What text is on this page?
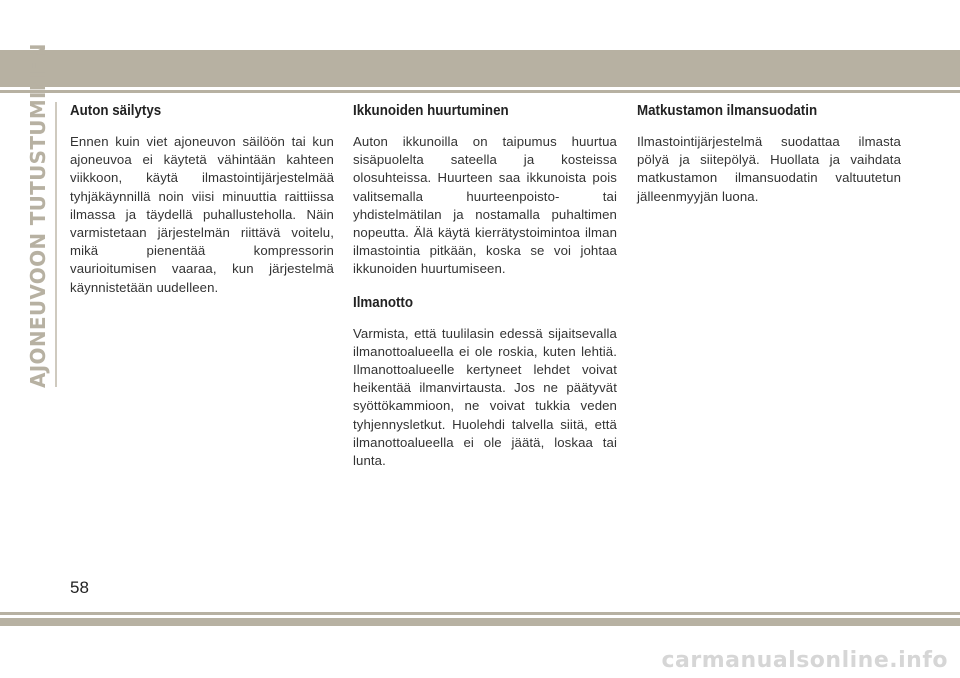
AJONEUVOON TUTUSTUMINEN Auton säilytys

Ennen kuin viet ajoneuvon säilöön tai kun ajoneuvoa ei käytetä vähintään kahteen viikkoon, käytä ilmastointijärjestelmää tyhjäkäynnillä noin viisi minuuttia raittiissa ilmassa ja täydellä puhallusteholla. Näin varmistetaan järjestelmän riittävä voitelu, mikä pienentää kompressorin vaurioitumisen vaaraa, kun järjestelmä käynnistetään uudelleen.

Ikkunoiden huurtuminen

Auton ikkunoilla on taipumus huurtua sisäpuolelta sateella ja kosteissa olosuhteissa. Huurteen saa ikkunoista pois valitsemalla huurteenpoisto- tai yhdistelmätilan ja nostamalla puhaltimen nopeutta. Älä käytä kierrätystoimintoa ilman ilmastointia pitkään, koska se voi johtaa ikkunoiden huurtumiseen.

Ilmanotto

Varmista, että tuulilasin edessä sijaitsevalla ilmanottoalueella ei ole roskia, kuten lehtiä. Ilmanottoalueelle kertyneet lehdet voivat heikentää ilmanvirtausta. Jos ne päätyvät syöttökammioon, ne voivat tukkia veden tyhjennysletkut. Huolehdi talvella siitä, että ilmanottoalueella ei ole jäätä, loskaa tai lunta.

Matkustamon ilmansuodatin

Ilmastointijärjestelmä suodattaa ilmasta pölyä ja siitepölyä. Huollata ja vaihdata matkustamon ilmansuodatin valtuutetun jälleenmyyjän luona.

58
carmanualsonline.info
